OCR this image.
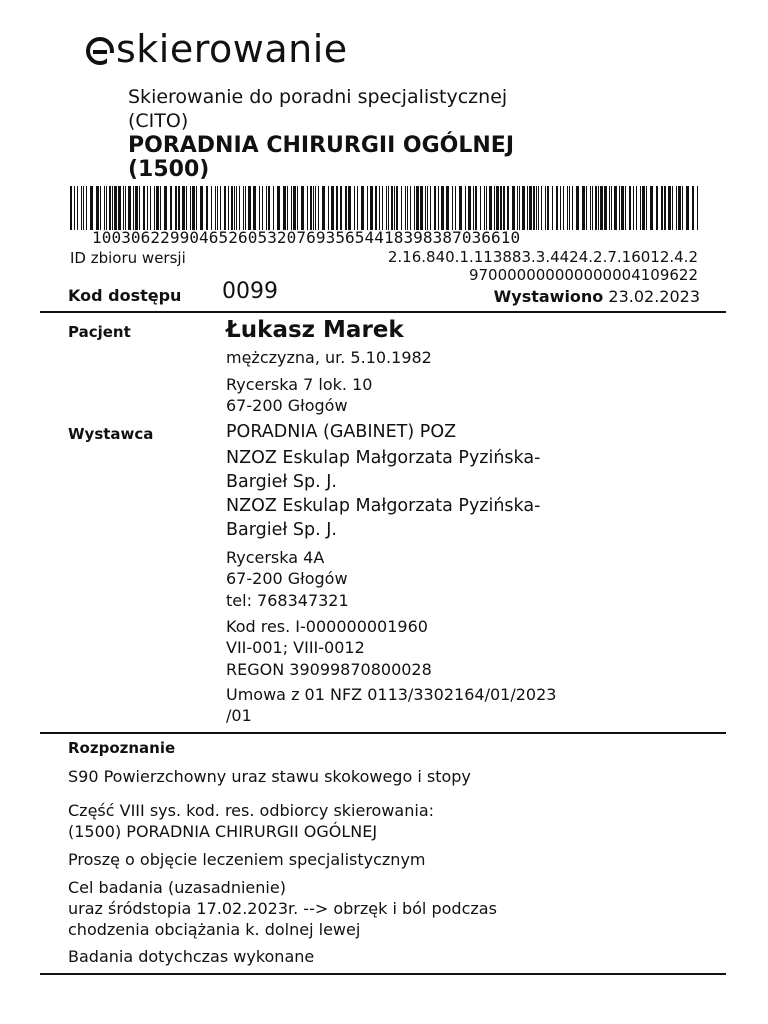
skierowanie
Skierowanie do poradni specjalistycznej
(CITO)
PORADNIA CHIRURGII OGÓLNEJ
(1500)
10030622990465260532076935654418398387036610
ID zbioru wersji	2.16.840.1.113883.3.4424.2.7.16012.4.2
970000000000000004109622
Kod dostępu 0099	Wystawiono 23.02.2023
Pacjent	Łukasz Marek
mężczyzna, ur. 5.10.1982
Rycerska 7 lok. 10
67-200 Głogów
Wystawca	PORADNIA (GABINET) POZ
NZOZ Eskulap Małgorzata Pyzińska-
Bargieł Sp. J.
NZOZ Eskulap Małgorzata Pyzińska-
Bargieł Sp. J.
Rycerska 4A
67-200 Głogów
tel: 768347321
Kod res. I-000000001960
VII-001; VIII-0012
REGON 39099870800028
Umowa z 01 NFZ 0113/3302164/01/2023
/01
Rozpoznanie
S90 Powierzchowny uraz stawu skokowego i stopy
Część VIII sys. kod. res. odbiorcy skierowania:
(1500) PORADNIA CHIRURGII OGÓLNEJ
Proszę o objęcie leczeniem specjalistycznym
Cel badania (uzasadnienie)
uraz śródstopia 17.02.2023r. --> obrzęk i ból podczas
chodzenia obciążania k. dolnej lewej
Badania dotychczas wykonane
